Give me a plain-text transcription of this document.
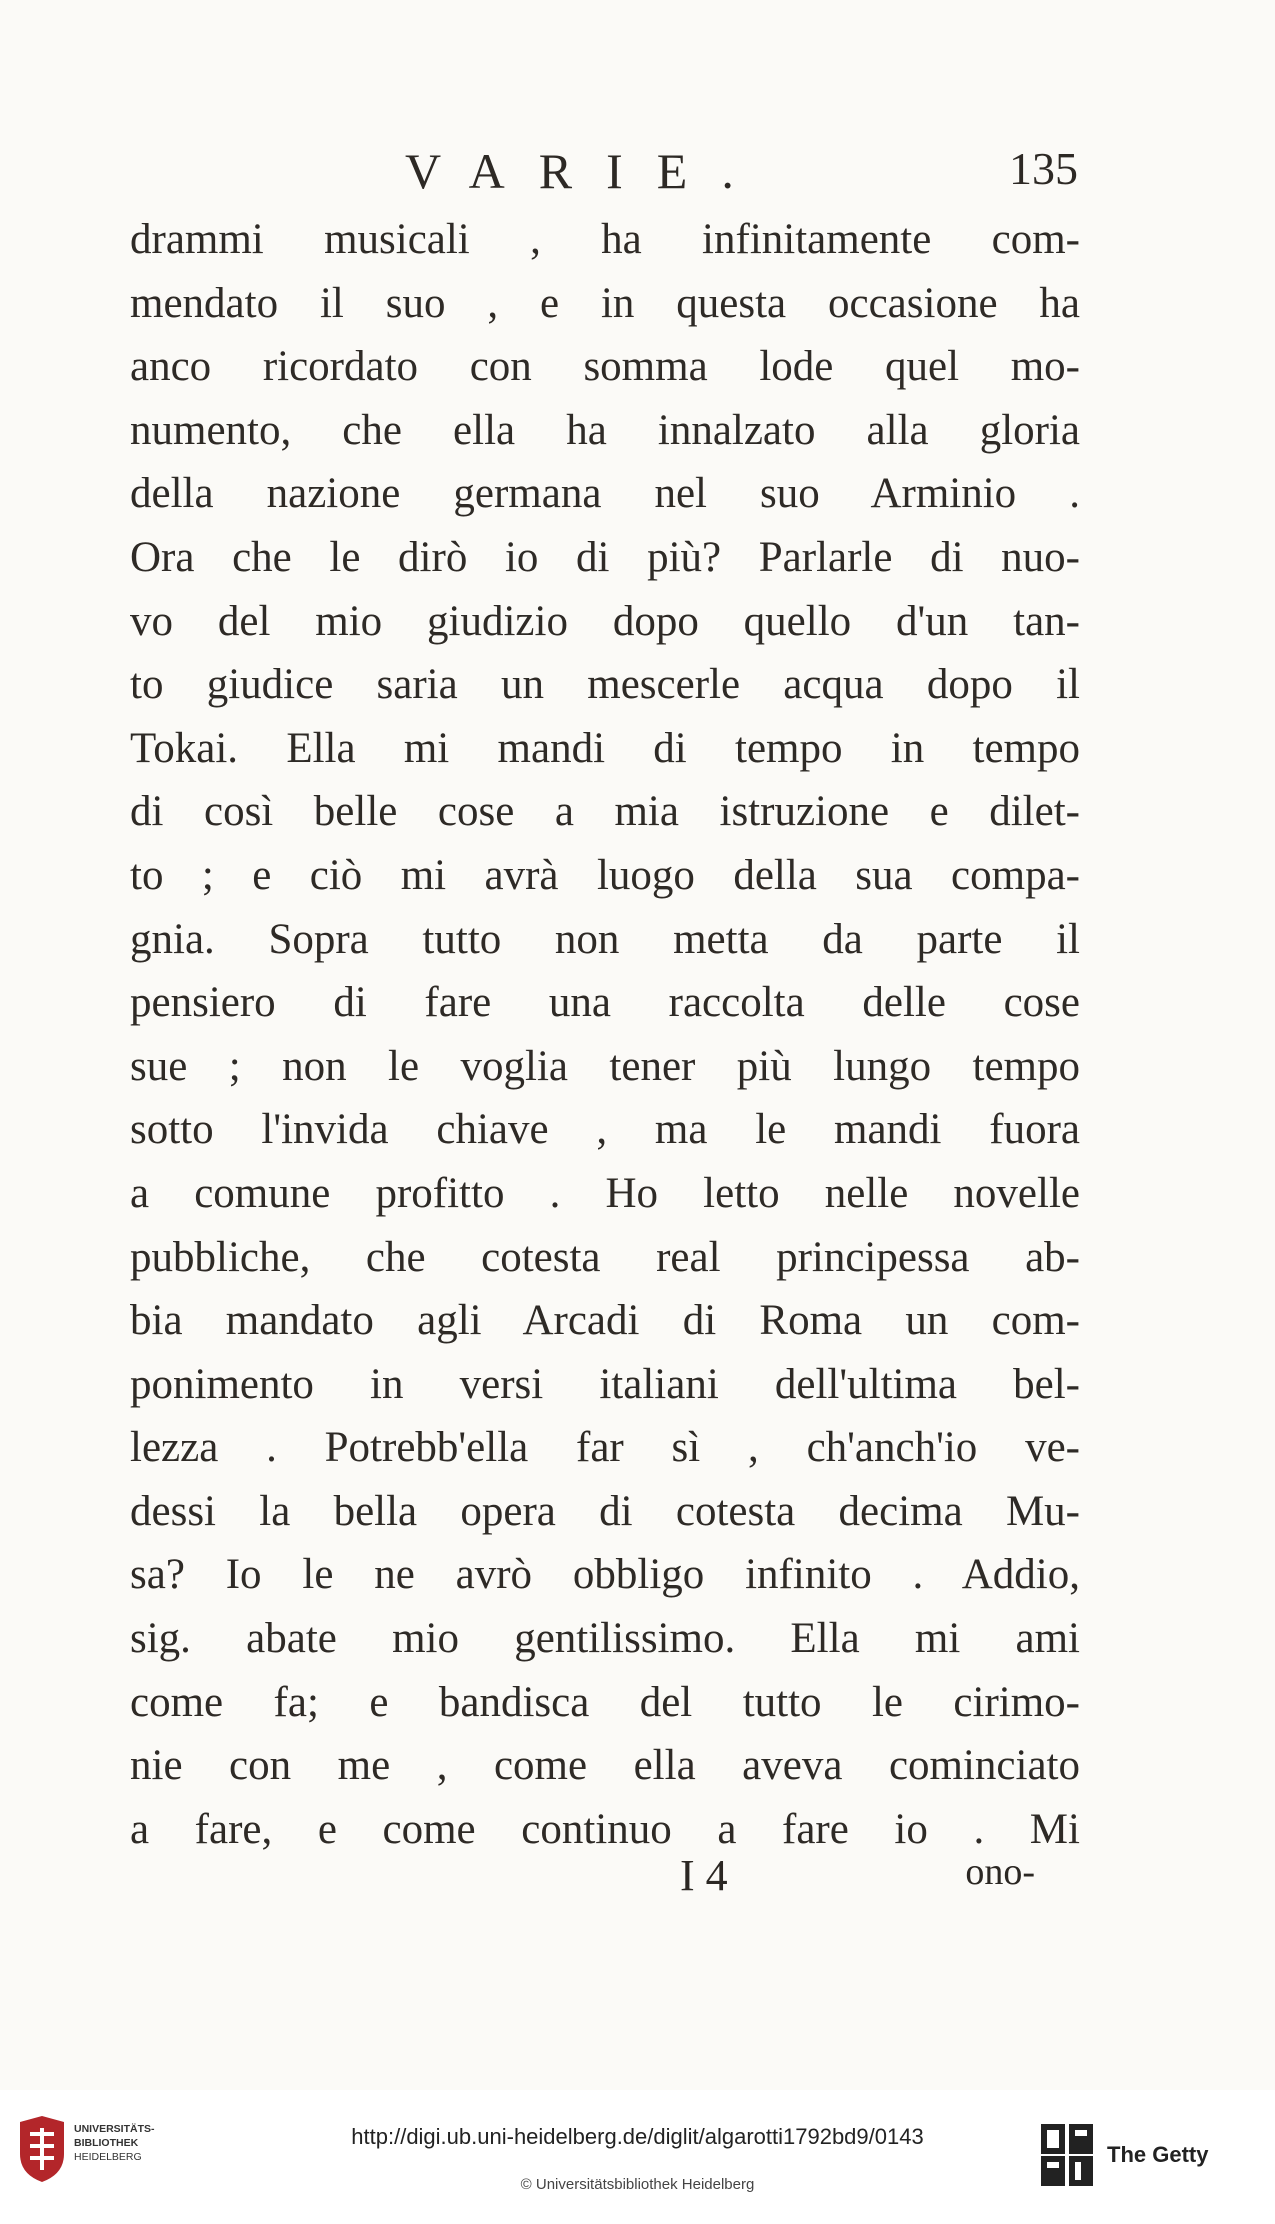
VARIE.	135
drammi musicali , ha infinitamente com-
mendato il suo , e in questa occasione ha
anco ricordato con somma lode quel mo-
numento, che ella ha innalzato alla gloria
della nazione germana nel suo Arminio .
Ora che le dirò io di più? Parlarle di nuo-
vo del mio giudizio dopo quello d'un tan-
to giudice saria un mescerle acqua dopo il
Tokai. Ella mi mandi di tempo in tempo
di così belle cose a mia istruzione e dilet-
to ; e ciò mi avrà luogo della sua compa-
gnia. Sopra tutto non metta da parte il
pensiero di fare una raccolta delle cose
sue ; non le voglia tener più lungo tempo
sotto l'invida chiave , ma le mandi fuora
a comune profitto . Ho letto nelle novelle
pubbliche, che cotesta real principessa ab-
bia mandato agli Arcadi di Roma un com-
ponimento in versi italiani dell'ultima bel-
lezza . Potrebb'ella far sì , ch'anch'io ve-
dessi la bella opera di cotesta decima Mu-
sa? Io le ne avrò obbligo infinito . Addio,
sig. abate mio gentilissimo. Ella mi ami
come fa; e bandisca del tutto le cirimo-
nie con me , come ella aveva cominciato
a fare, e come continuo a fare io . Mi
I 4	ono-
UNIVERSITÄTS-
BIBLIOTHEK
HEIDELBERG
http://digi.ub.uni-heidelberg.de/diglit/algarotti1792bd9/0143
© Universitätsbibliothek Heidelberg
The Getty
